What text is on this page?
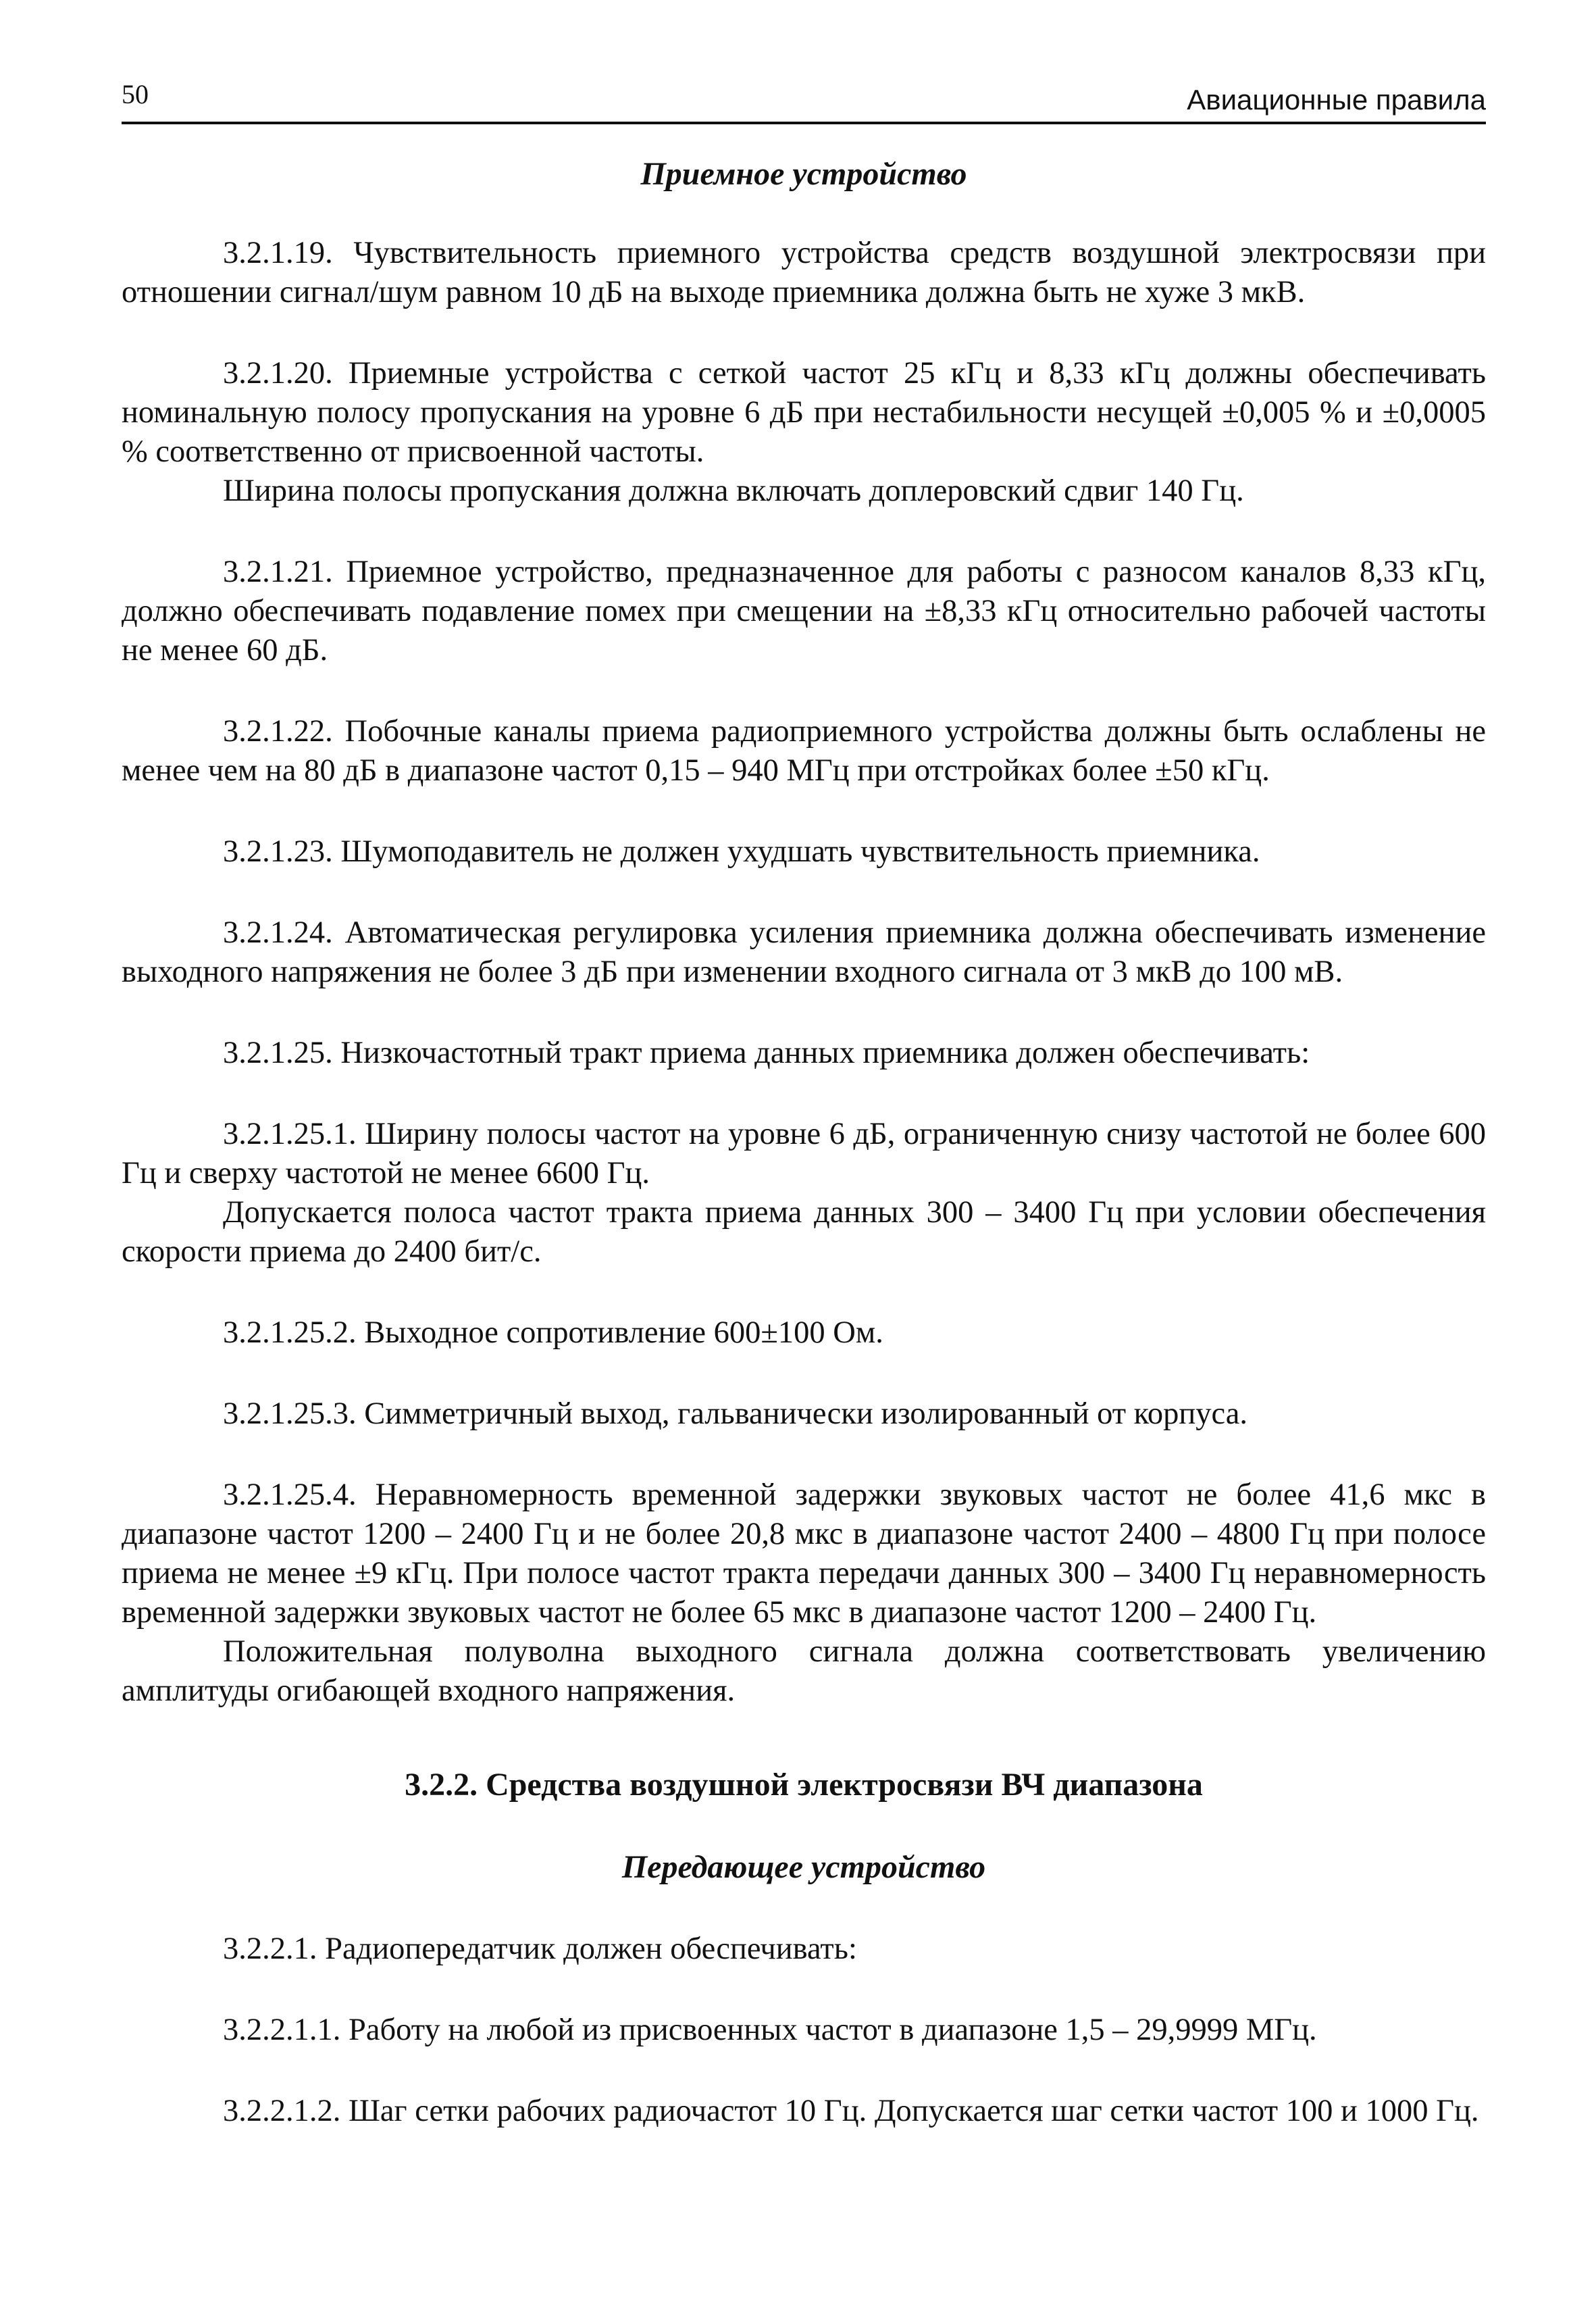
50	Авиационные правила

Приемное устройство

3.2.1.19. Чувствительность приемного устройства средств воздушной электросвязи при отношении сигнал/шум равном 10 дБ на выходе приемника должна быть не хуже 3 мкВ.

3.2.1.20. Приемные устройства с сеткой частот 25 кГц и 8,33 кГц должны обеспечивать номинальную полосу пропускания на уровне 6 дБ при нестабильности несущей ±0,005 % и ±0,0005 % соответственно от присвоенной частоты.

Ширина полосы пропускания должна включать доплеровский сдвиг 140 Гц.

3.2.1.21. Приемное устройство, предназначенное для работы с разносом каналов 8,33 кГц, должно обеспечивать подавление помех при смещении на ±8,33 кГц относительно рабочей частоты не менее 60 дБ.

3.2.1.22. Побочные каналы приема радиоприемного устройства должны быть ослаблены не менее чем на 80 дБ в диапазоне частот 0,15 – 940 МГц при отстройках более ±50 кГц.

3.2.1.23. Шумоподавитель не должен ухудшать чувствительность приемника.

3.2.1.24. Автоматическая регулировка усиления приемника должна обеспечивать изменение выходного напряжения не более 3 дБ при изменении входного сигнала от 3 мкВ до 100 мВ.

3.2.1.25. Низкочастотный тракт приема данных приемника должен обеспечивать:

3.2.1.25.1. Ширину полосы частот на уровне 6 дБ, ограниченную снизу частотой не более 600 Гц и сверху частотой не менее 6600 Гц.

Допускается полоса частот тракта приема данных 300 – 3400 Гц при условии обеспечения скорости приема до 2400 бит/с.

3.2.1.25.2. Выходное сопротивление 600±100 Ом.

3.2.1.25.3. Симметричный выход, гальванически изолированный от корпуса.

3.2.1.25.4. Неравномерность временной задержки звуковых частот не более 41,6 мкс в диапазоне частот 1200 – 2400 Гц и не более 20,8 мкс в диапазоне частот 2400 – 4800 Гц при полосе приема не менее ±9 кГц. При полосе частот тракта передачи данных 300 – 3400 Гц неравномерность временной задержки звуковых частот не более 65 мкс в диапазоне частот 1200 – 2400 Гц.

Положительная полуволна выходного сигнала должна соответствовать увеличению амплитуды огибающей входного напряжения.

3.2.2. Средства воздушной электросвязи ВЧ диапазона

Передающее устройство

3.2.2.1. Радиопередатчик должен обеспечивать:

3.2.2.1.1. Работу на любой из присвоенных частот в диапазоне 1,5 – 29,9999 МГц.

3.2.2.1.2. Шаг сетки рабочих радиочастот 10 Гц. Допускается шаг сетки частот 100 и 1000 Гц.
